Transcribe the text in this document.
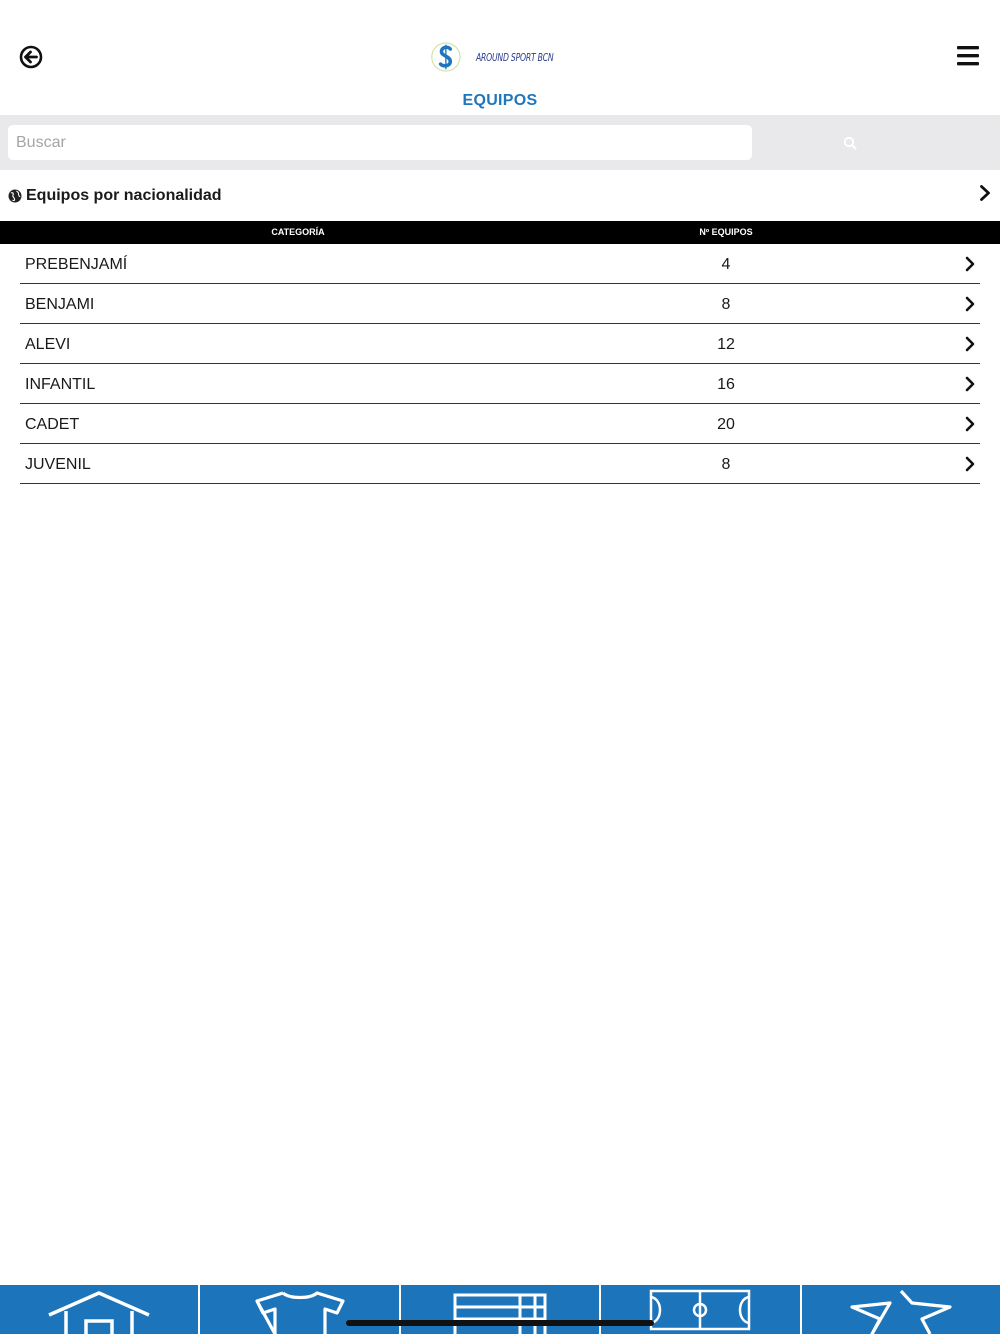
AROUND SPORT BCN
EQUIPOS
Buscar
Equipos por nacionalidad
CATEGORÍA	Nº EQUIPOS
PREBENJAMÍ	4
BENJAMI	8
ALEVI	12
INFANTIL	16
CADET	20
JUVENIL	8
